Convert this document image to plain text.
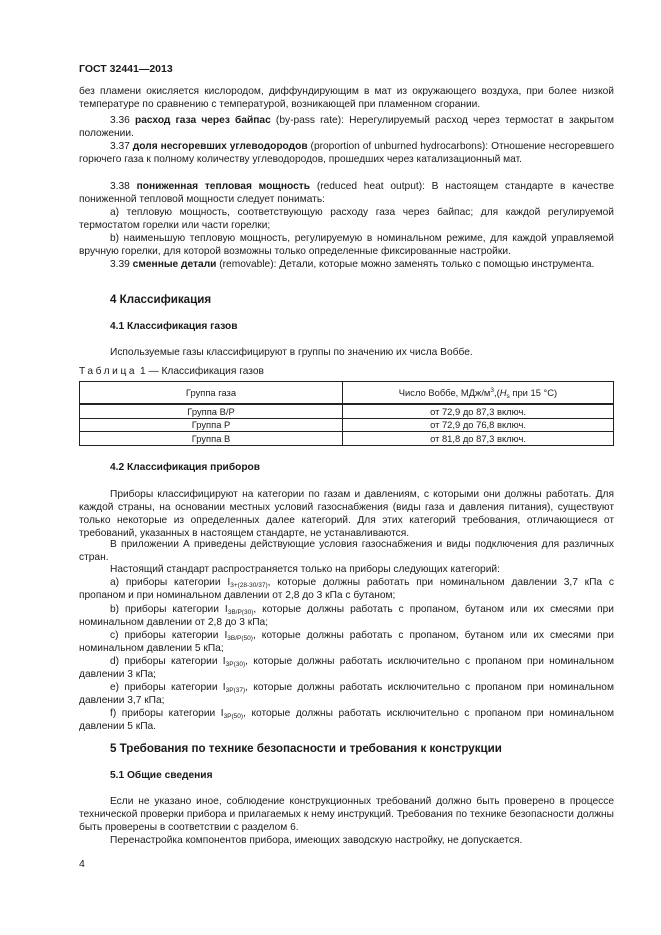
ГОСТ 32441—2013
без пламени окисляется кислородом, диффундирующим в мат из окружающего воздуха, при более низкой температуре по сравнению с температурой, возникающей при пламенном сгорании.
3.36 расход газа через байпас (by-pass rate): Нерегулируемый расход через термостат в закрытом положении.
3.37 доля несгоревших углеводородов (proportion of unburned hydrocarbons): Отношение несгоревшего горючего газа к полному количеству углеводородов, прошедших через катализационный мат.
3.38 пониженная тепловая мощность (reduced heat output): В настоящем стандарте в качестве пониженной тепловой мощности следует понимать:
а) тепловую мощность, соответствующую расходу газа через байпас; для каждой регулируемой термостатом горелки или части горелки;
b) наименьшую тепловую мощность, регулируемую в номинальном режиме, для каждой управляемой вручную горелки, для которой возможны только определенные фиксированные настройки.
3.39 сменные детали (removable): Детали, которые можно заменять только с помощью инструмента.
4 Классификация
4.1 Классификация газов
Используемые газы классифицируют в группы по значению их числа Воббе.
Таблица 1 — Классификация газов
Группа газа	Число Воббе, МДж/$м^3,(H_s$ при 15 °C)
Группа В/Р	от 72,9 до 87,3 включ.
Группа Р	от 72,9 до 76,8 включ.
Группа В	от 81,8 до 87,3 включ.
4.2 Классификация приборов
Приборы классифицируют на категории по газам и давлениям, с которыми они должны работать. Для каждой страны, на основании местных условий газоснабжения (виды газа и давления питания), существуют только некоторые из определенных далее категорий. Для этих категорий требования, отличающиеся от требований, указанных в настоящем стандарте, не устанавливаются.
В приложении А приведены действующие условия газоснабжения и виды подключения для различных стран.
Настоящий стандарт распространяется только на приборы следующих категорий:
а) приборы категории $I_{3+(28-30/37)}$, которые должны работать при номинальном давлении 3,7 кПа с пропаном и при номинальном давлении от 2,8 до 3 кПа с бутаном;
b) приборы категории $I_{3B/P(30)}$, которые должны работать с пропаном, бутаном или их смесями при номинальном давлении от 2,8 до 3 кПа;
с) приборы категории $I_{3B/P(50)}$, которые должны работать с пропаном, бутаном или их смесями при номинальном давлении 5 кПа;
d) приборы категории $I_{3P(30)}$, которые должны работать исключительно с пропаном при номинальном давлении 3 кПа;
е) приборы категории $I_{3P(37)}$, которые должны работать исключительно с пропаном при номинальном давлении 3,7 кПа;
f) приборы категории $I_{3P(50)}$, которые должны работать исключительно с пропаном при номинальном давлении 5 кПа.
5 Требования по технике безопасности и требования к конструкции
5.1 Общие сведения
Если не указано иное, соблюдение конструкционных требований должно быть проверено в процессе технической проверки прибора и прилагаемых к нему инструкций. Требования по технике безопасности должны быть проверены в соответствии с разделом 6.
Перенастройка компонентов прибора, имеющих заводскую настройку, не допускается.
4
